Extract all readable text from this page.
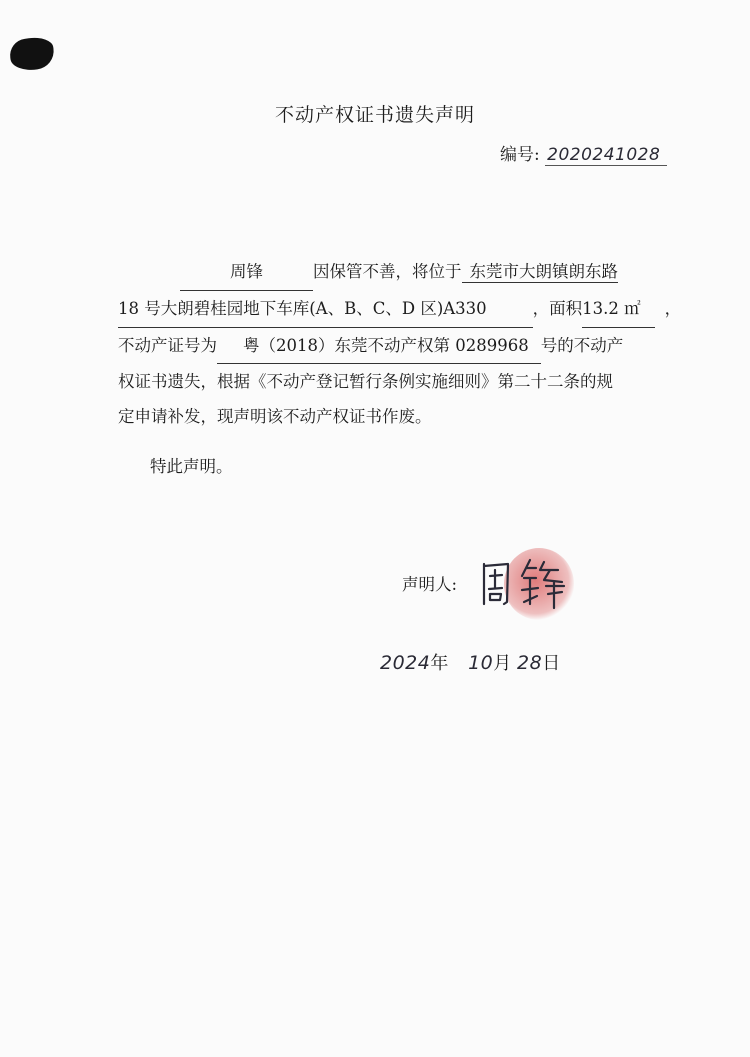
不动产权证书遗失声明
编号: 2020241028
周锋	因保管不善，将位于 东莞市大朗镇朗东路
18 号大朗碧桂园地下车库(A、B、C、D 区)A330	，面积13.2 ㎡ ，
不动产证号为 粤（2018）东莞不动产权第 0289968 号的不动产
权证书遗失，根据《不动产登记暂行条例实施细则》第二十二条的规
定申请补发，现声明该不动产权证书作废。
特此声明。
声明人:
2024年 10月 28日
